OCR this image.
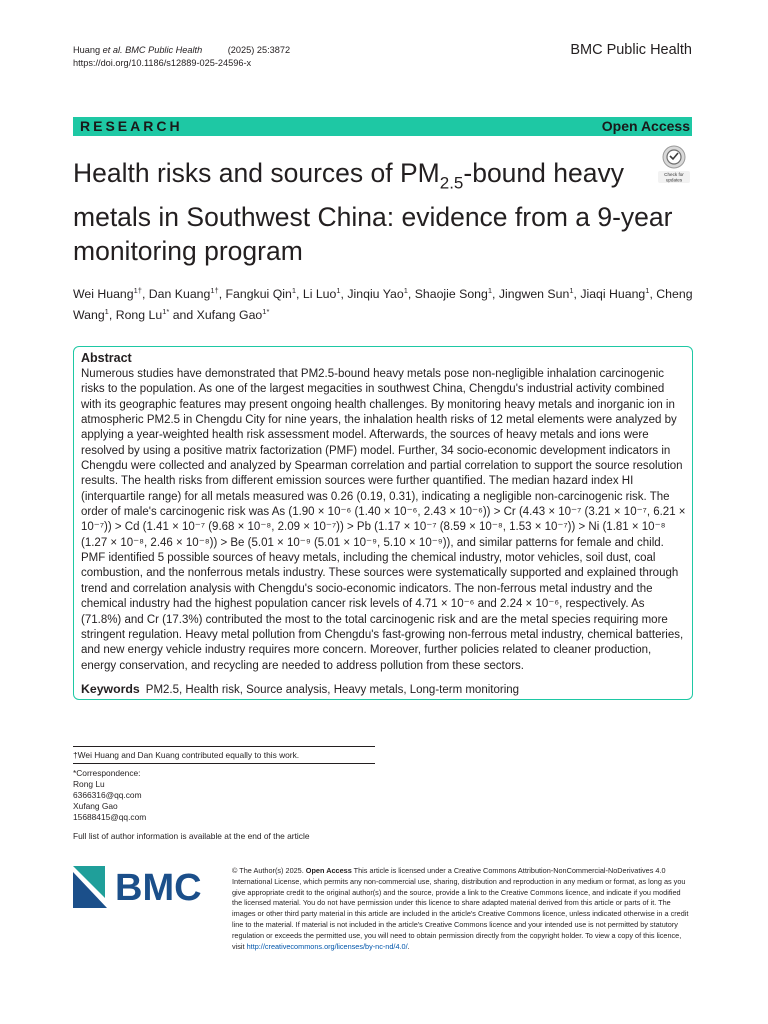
Huang et al. BMC Public Health	(2025) 25:3872
https://doi.org/10.1186/s12889-025-24596-x
BMC Public Health
RESEARCH	Open Access
Health risks and sources of $PM_{2.5}$-bound heavy metals in Southwest China: evidence from a 9-year monitoring program
Check for
updates
Wei Huang$^{1\dagger}$, Dan Kuang$^{1\dagger}$, Fangkui Qin$^1$, Li Luo$^1$, Jinqiu Yao$^1$, Shaojie Song$^1$, Jingwen Sun$^1$, Jiaqi Huang$^1$, Cheng Wang$^1$, Rong $Lu^{1*}$ and Xufang Gao$^{1*}$
Abstract
Numerous studies have demonstrated that PM2.5-bound heavy metals pose non-negligible inhalation carcinogenic risks to the population. As one of the largest megacities in southwest China, Chengdu's industrial activity combined with its geographic features may present ongoing health challenges. By monitoring heavy metals and inorganic ion in atmospheric PM2.5 in Chengdu City for nine years, the inhalation health risks of 12 metal elements were analyzed by applying a year-weighted health risk assessment model. Afterwards, the sources of heavy metals and ions were resolved by using a positive matrix factorization (PMF) model. Further, 34 socio-economic development indicators in Chengdu were collected and analyzed by Spearman correlation and partial correlation to support the source resolution results. The health risks from different emission sources were further quantified. The median hazard index HI (interquartile range) for all metals measured was 0.26 (0.19, 0.31), indicating a negligible non-carcinogenic risk. The order of male's carcinogenic risk was As (1.90 × 10⁻⁶ (1.40 × 10⁻⁶, 2.43 × 10⁻⁶)) > Cr (4.43 × 10⁻⁷ (3.21 × 10⁻⁷, 6.21 × 10⁻⁷)) > Cd (1.41 × 10⁻⁷ (9.68 × 10⁻⁸, 2.09 × 10⁻⁷)) > Pb (1.17 × 10⁻⁷ (8.59 × 10⁻⁸, 1.53 × 10⁻⁷)) > Ni (1.81 × 10⁻⁸ (1.27 × 10⁻⁸, 2.46 × 10⁻⁸)) > Be (5.01 × 10⁻⁹ (5.01 × 10⁻⁹, 5.10 × 10⁻⁹)), and similar patterns for female and child. PMF identified 5 possible sources of heavy metals, including the chemical industry, motor vehicles, soil dust, coal combustion, and the nonferrous metals industry. These sources were systematically supported and explained through trend and correlation analysis with Chengdu's socio-economic indicators. The non-ferrous metal industry and the chemical industry had the highest population cancer risk levels of 4.71 × 10⁻⁶ and 2.24 × 10⁻⁶, respectively. As (71.8%) and Cr (17.3%) contributed the most to the total carcinogenic risk and are the metal species requiring more stringent regulation. Heavy metal pollution from Chengdu's fast-growing non-ferrous metal industry, chemical batteries, and new energy vehicle industry requires more concern. Moreover, further policies related to cleaner production, energy conservation, and recycling are needed to address pollution from these sectors.
Keywords PM2.5, Health risk, Source analysis, Heavy metals, Long-term monitoring
†Wei Huang and Dan Kuang contributed equally to this work.
*Correspondence:
Rong Lu
6366316@qq.com
Xufang Gao
15688415@qq.com
Full list of author information is available at the end of the article
BMC	© The Author(s) 2025. Open Access This article is licensed under a Creative Commons Attribution-NonCommercial-NoDerivatives 4.0 International License, which permits any non-commercial use, sharing, distribution and reproduction in any medium or format, as long as you give appropriate credit to the original author(s) and the source, provide a link to the Creative Commons licence, and indicate if you modified the licensed material. You do not have permission under this licence to share adapted material derived from this article or parts of it. The images or other third party material in this article are included in the article's Creative Commons licence, unless indicated otherwise in a credit line to the material. If material is not included in the article's Creative Commons licence and your intended use is not permitted by statutory regulation or exceeds the permitted use, you will need to obtain permission directly from the copyright holder. To view a copy of this licence, visit http://creativecommons.org/licenses/by-nc-nd/4.0/.
